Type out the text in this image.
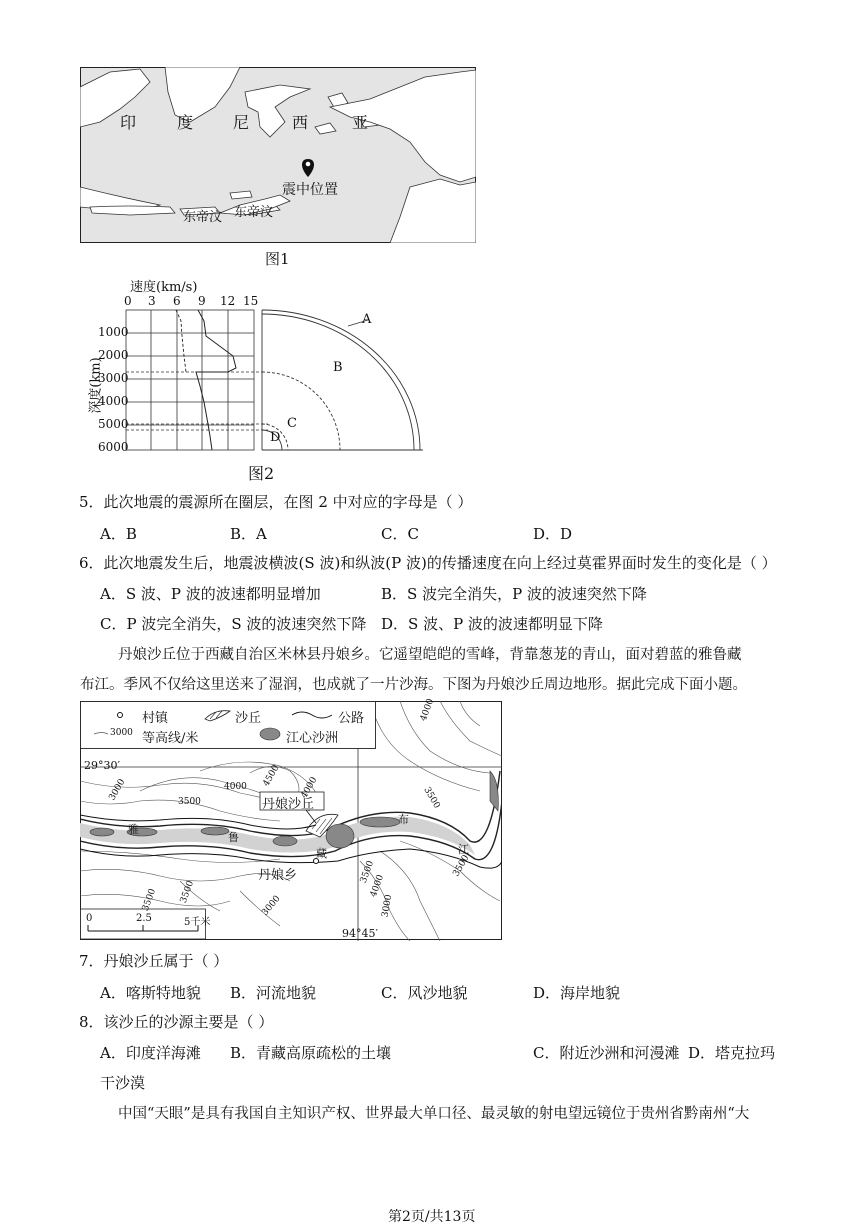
印	度 尼	西	亚
震中位置
东帝汶 东帝汶
图1
速度(km/s)
0 3 6 9 12 15
深度(km)
1000
2000
3000
4000
5000
6000
A
B
C
D
图2
5．此次地震的震源所在圈层，在图 2 中对应的字母是（ ）
A．B	B．A	C．C	D．D
6．此次地震发生后，地震波横波(S 波)和纵波(P 波)的传播速度在向上经过莫霍界面时发生的变化是（ ）
A．S 波、P 波的波速都明显增加	B．S 波完全消失，P 波的波速突然下降
C．P 波完全消失，S 波的波速突然下降 D．S 波、P 波的波速都明显下降
丹娘沙丘位于西藏自治区米林县丹娘乡。它遥望皑皑的雪峰，背靠葱茏的青山，面对碧蓝的雅鲁藏
布江。季风不仅给这里送来了湿润，也成就了一片沙海。下图为丹娘沙丘周边地形。据此完成下面小题。
村镇	沙丘	公路
3000 等高线/米	江心沙洲
29°30′
94°45′
丹娘沙丘
丹娘乡
雅
鲁
藏
布
江
4000 4500
4000
3500
3000	3500
4000
3000
3500 3500
4000
3500
3000
3500
0	2.5	5千米
7．丹娘沙丘属于（ ）
A．喀斯特地貌 B．河流地貌	C．风沙地貌	D．海岸地貌
8．该沙丘的沙源主要是（ ）
A．印度洋海滩 B．青藏高原疏松的土壤	C．附近沙洲和河漫滩 D．塔克拉玛
干沙漠
中国“天眼”是具有我国自主知识产权、世界最大单口径、最灵敏的射电望远镜位于贵州省黔南州“大
第2页/共13页
